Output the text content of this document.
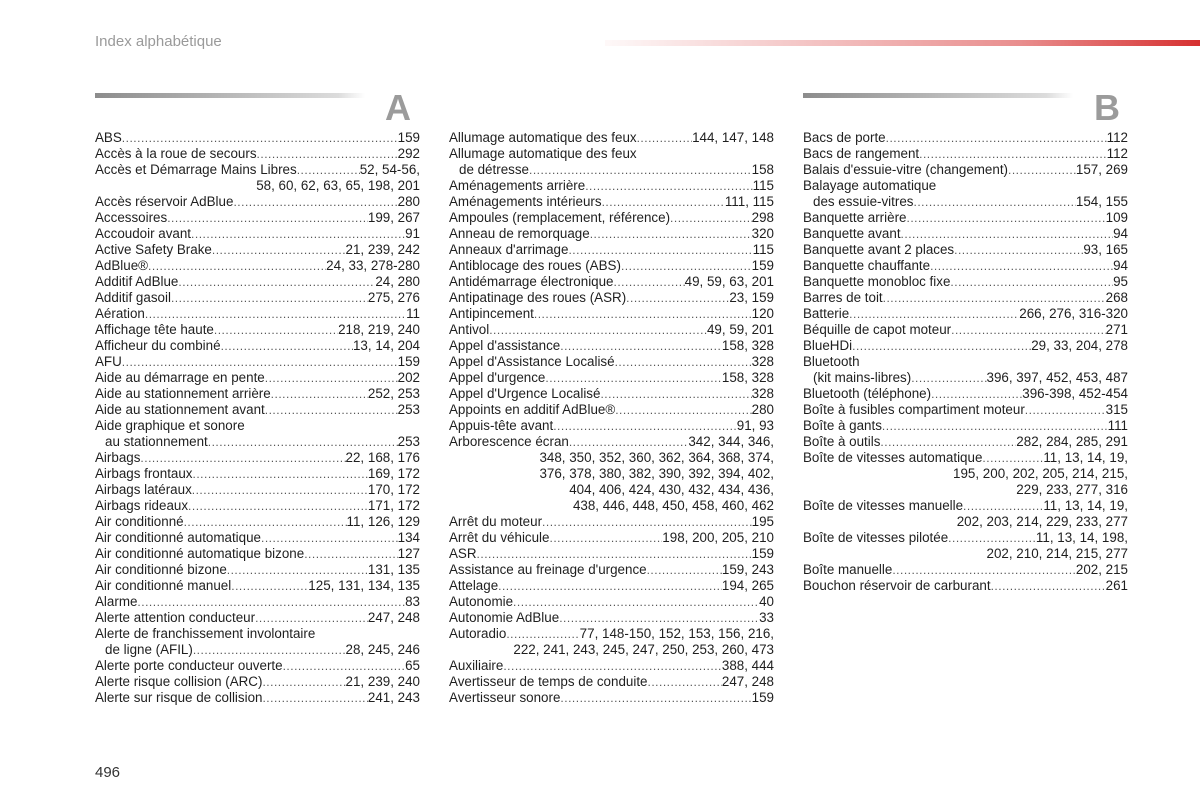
Index alphabétique
A	B
ABS .....	159
Accès à la roue de secours .....	292
Accès et Démarrage Mains Libres .....	52, 54-56,
58, 60, 62, 63, 65, 198, 201
Accès réservoir AdBlue .....	280
Accessoires .....	199, 267
Accoudoir avant .....	91
Active Safety Brake .....	21, 239, 242
AdBlue® .....	24, 33, 278-280
Additif AdBlue .....	24, 280
Additif gasoil .....	275, 276
Aération .....	11
Affichage tête haute .....	218, 219, 240
Afficheur du combiné .....	13, 14, 204
AFU .....	159
Aide au démarrage en pente .....	202
Aide au stationnement arrière .....	252, 253
Aide au stationnement avant .....	253
Aide graphique et sonore
au stationnement .....	253
Airbags .....	22, 168, 176
Airbags frontaux .....	169, 172
Airbags latéraux .....	170, 172
Airbags rideaux .....	171, 172
Air conditionné .....	11, 126, 129
Air conditionné automatique .....	134
Air conditionné automatique bizone .....	127
Air conditionné bizone .....	131, 135
Air conditionné manuel .....	125, 131, 134, 135
Alarme .....	83
Alerte attention conducteur .....	247, 248
Alerte de franchissement involontaire
de ligne (AFIL) .....	28, 245, 246
Alerte porte conducteur ouverte .....	65
Alerte risque collision (ARC) .....	21, 239, 240
Alerte sur risque de collision .....	241, 243
Allumage automatique des feux .....	144, 147, 148
Allumage automatique des feux
de détresse .....	158
Aménagements arrière .....	115
Aménagements intérieurs .....	111, 115
Ampoules (remplacement, référence) .....	298
Anneau de remorquage .....	320
Anneaux d'arrimage .....	115
Antiblocage des roues (ABS) .....	159
Antidémarrage électronique .....	49, 59, 63, 201
Antipatinage des roues (ASR) .....	23, 159
Antipincement .....	120
Antivol .....	49, 59, 201
Appel d'assistance .....	158, 328
Appel d'Assistance Localisé .....	328
Appel d'urgence .....	158, 328
Appel d'Urgence Localisé .....	328
Appoints en additif AdBlue® .....	280
Appuis-tête avant .....	91, 93
Arborescence écran .....	342, 344, 346,
348, 350, 352, 360, 362, 364, 368, 374,
376, 378, 380, 382, 390, 392, 394, 402,
404, 406, 424, 430, 432, 434, 436,
438, 446, 448, 450, 458, 460, 462
Arrêt du moteur .....	195
Arrêt du véhicule .....	198, 200, 205, 210
ASR .....	159
Assistance au freinage d'urgence .....	159, 243
Attelage .....	194, 265
Autonomie .....	40
Autonomie AdBlue .....	33
Autoradio .....	77, 148-150, 152, 153, 156, 216,
222, 241, 243, 245, 247, 250, 253, 260, 473
Auxiliaire .....	388, 444
Avertisseur de temps de conduite .....	247, 248
Avertisseur sonore .....	159
Bacs de porte .....	112
Bacs de rangement .....	112
Balais d'essuie-vitre (changement) .....	157, 269
Balayage automatique
des essuie-vitres .....	154, 155
Banquette arrière .....	109
Banquette avant .....	94
Banquette avant 2 places .....	93, 165
Banquette chauffante .....	94
Banquette monobloc fixe .....	95
Barres de toit .....	268
Batterie .....	266, 276, 316-320
Béquille de capot moteur .....	271
BlueHDi .....	29, 33, 204, 278
Bluetooth
(kit mains-libres) .....	396, 397, 452, 453, 487
Bluetooth (téléphone) .....	396-398, 452-454
Boîte à fusibles compartiment moteur .....	315
Boîte à gants .....	111
Boîte à outils .....	282, 284, 285, 291
Boîte de vitesses automatique .....	11, 13, 14, 19,
195, 200, 202, 205, 214, 215,
229, 233, 277, 316
Boîte de vitesses manuelle .....	11, 13, 14, 19,
202, 203, 214, 229, 233, 277
Boîte de vitesses pilotée .....	11, 13, 14, 198,
202, 210, 214, 215, 277
Boîte manuelle .....	202, 215
Bouchon réservoir de carburant .....	261
496
